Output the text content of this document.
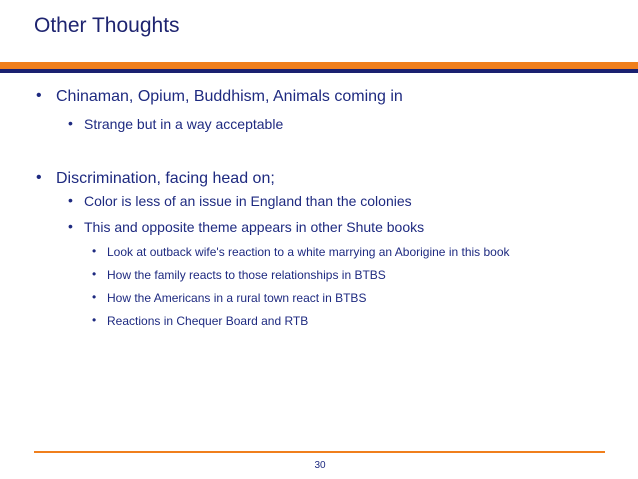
Other Thoughts
• Chinaman, Opium, Buddhism, Animals coming in
• Strange but in a way acceptable
• Discrimination, facing head on;
• Color is less of an issue in England than the colonies
• This and opposite theme appears in other Shute books
• Look at outback wife's reaction to a white marrying an Aborigine in this book
• How the family reacts to those relationships in BTBS
• How the Americans in a rural town react in BTBS
• Reactions in Chequer Board and RTB
30
